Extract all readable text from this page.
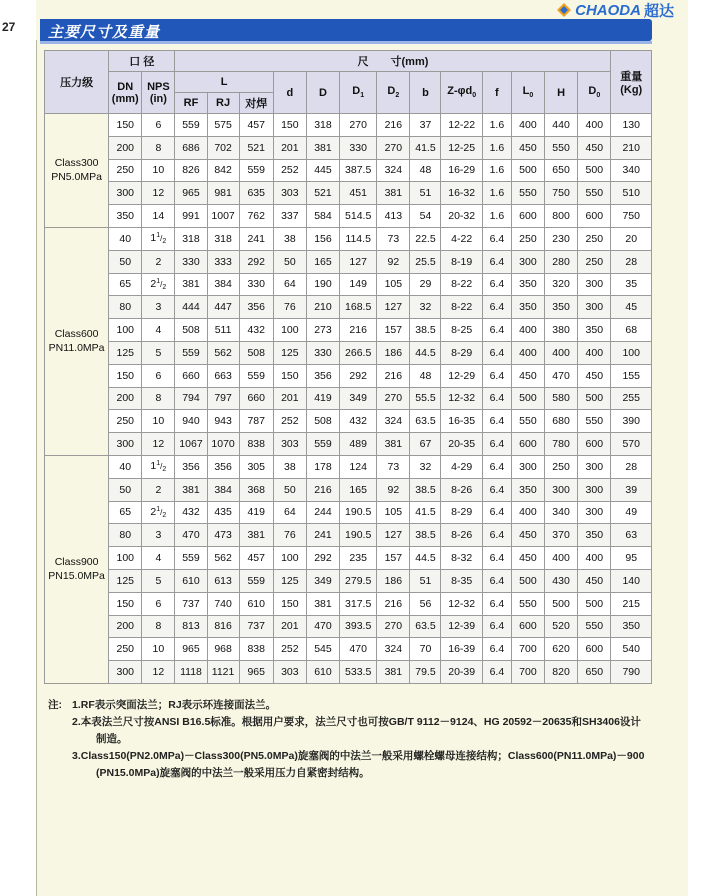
27
CHAODA 超达
主要尺寸及重量
压力级	口 径		尺　　寸(mm)													重量 (Kg)
	DN (mm)	NPS (in)	L			d	D	$D_1$	$D_2$	b	$Z-\varphi d_0$	f	$L_0$	H	$D_0$
			RF	RJ	对焊											

Class300
PN5.0MPa	150	6	559	575	457	150	318	270	216	37	12-22	1.6	400	440	400	130
	200	8	686	702	521	201	381	330	270	41.5	12-25	1.6	450	550	450	210
	250	10	826	842	559	252	445	387.5	324	48	16-29	1.6	500	650	500	340
	300	12	965	981	635	303	521	451	381	51	16-32	1.6	550	750	550	510
	350	14	991	1007	762	337	584	514.5	413	54	20-32	1.6	600	800	600	750

Class600
PN11.0MPa	40	$1^1/_2$	318	318	241	38	156	114.5	73	22.5	4-22	6.4	250	230	250	20
	50	2	330	333	292	50	165	127	92	25.5	8-19	6.4	300	280	250	28
	65	$2^1/_2$	381	384	330	64	190	149	105	29	8-22	6.4	350	320	300	35
	80	3	444	447	356	76	210	168.5	127	32	8-22	6.4	350	350	300	45
	100	4	508	511	432	100	273	216	157	38.5	8-25	6.4	400	380	350	68
	125	5	559	562	508	125	330	266.5	186	44.5	8-29	6.4	400	400	400	100
	150	6	660	663	559	150	356	292	216	48	12-29	6.4	450	470	450	155
	200	8	794	797	660	201	419	349	270	55.5	12-32	6.4	500	580	500	255
	250	10	940	943	787	252	508	432	324	63.5	16-35	6.4	550	680	550	390
	300	12	1067	1070	838	303	559	489	381	67	20-35	6.4	600	780	600	570

Class900
PN15.0MPa	40	$1^1/_2$	356	356	305	38	178	124	73	32	4-29	6.4	300	250	300	28
	50	2	381	384	368	50	216	165	92	38.5	8-26	6.4	350	300	300	39
	65	$2^1/_2$	432	435	419	64	244	190.5	105	41.5	8-29	6.4	400	340	300	49
	80	3	470	473	381	76	241	190.5	127	38.5	8-26	6.4	450	370	350	63
	100	4	559	562	457	100	292	235	157	44.5	8-32	6.4	450	400	400	95
	125	5	610	613	559	125	349	279.5	186	51	8-35	6.4	500	430	450	140
	150	6	737	740	610	150	381	317.5	216	56	12-32	6.4	550	500	500	215
	200	8	813	816	737	201	470	393.5	270	63.5	12-39	6.4	600	520	550	350
	250	10	965	968	838	252	545	470	324	70	16-39	6.4	700	620	600	540
	300	12	1118	1121	965	303	610	533.5	381	79.5	20-39	6.4	700	820	650	790
注: 1.RF表示突面法兰；RJ表示环连接面法兰。
2.本表法兰尺寸按ANSI B16.5标准。根据用户要求，法兰尺寸也可按GB/T 9112－9124、HG 20592－20635和SH3406设计
制造。
3.Class150(PN2.0MPa)－Class300(PN5.0MPa)旋塞阀的中法兰一般采用螺栓螺母连接结构；Class600(PN11.0MPa)－900
(PN15.0MPa)旋塞阀的中法兰一般采用压力自紧密封结构。
